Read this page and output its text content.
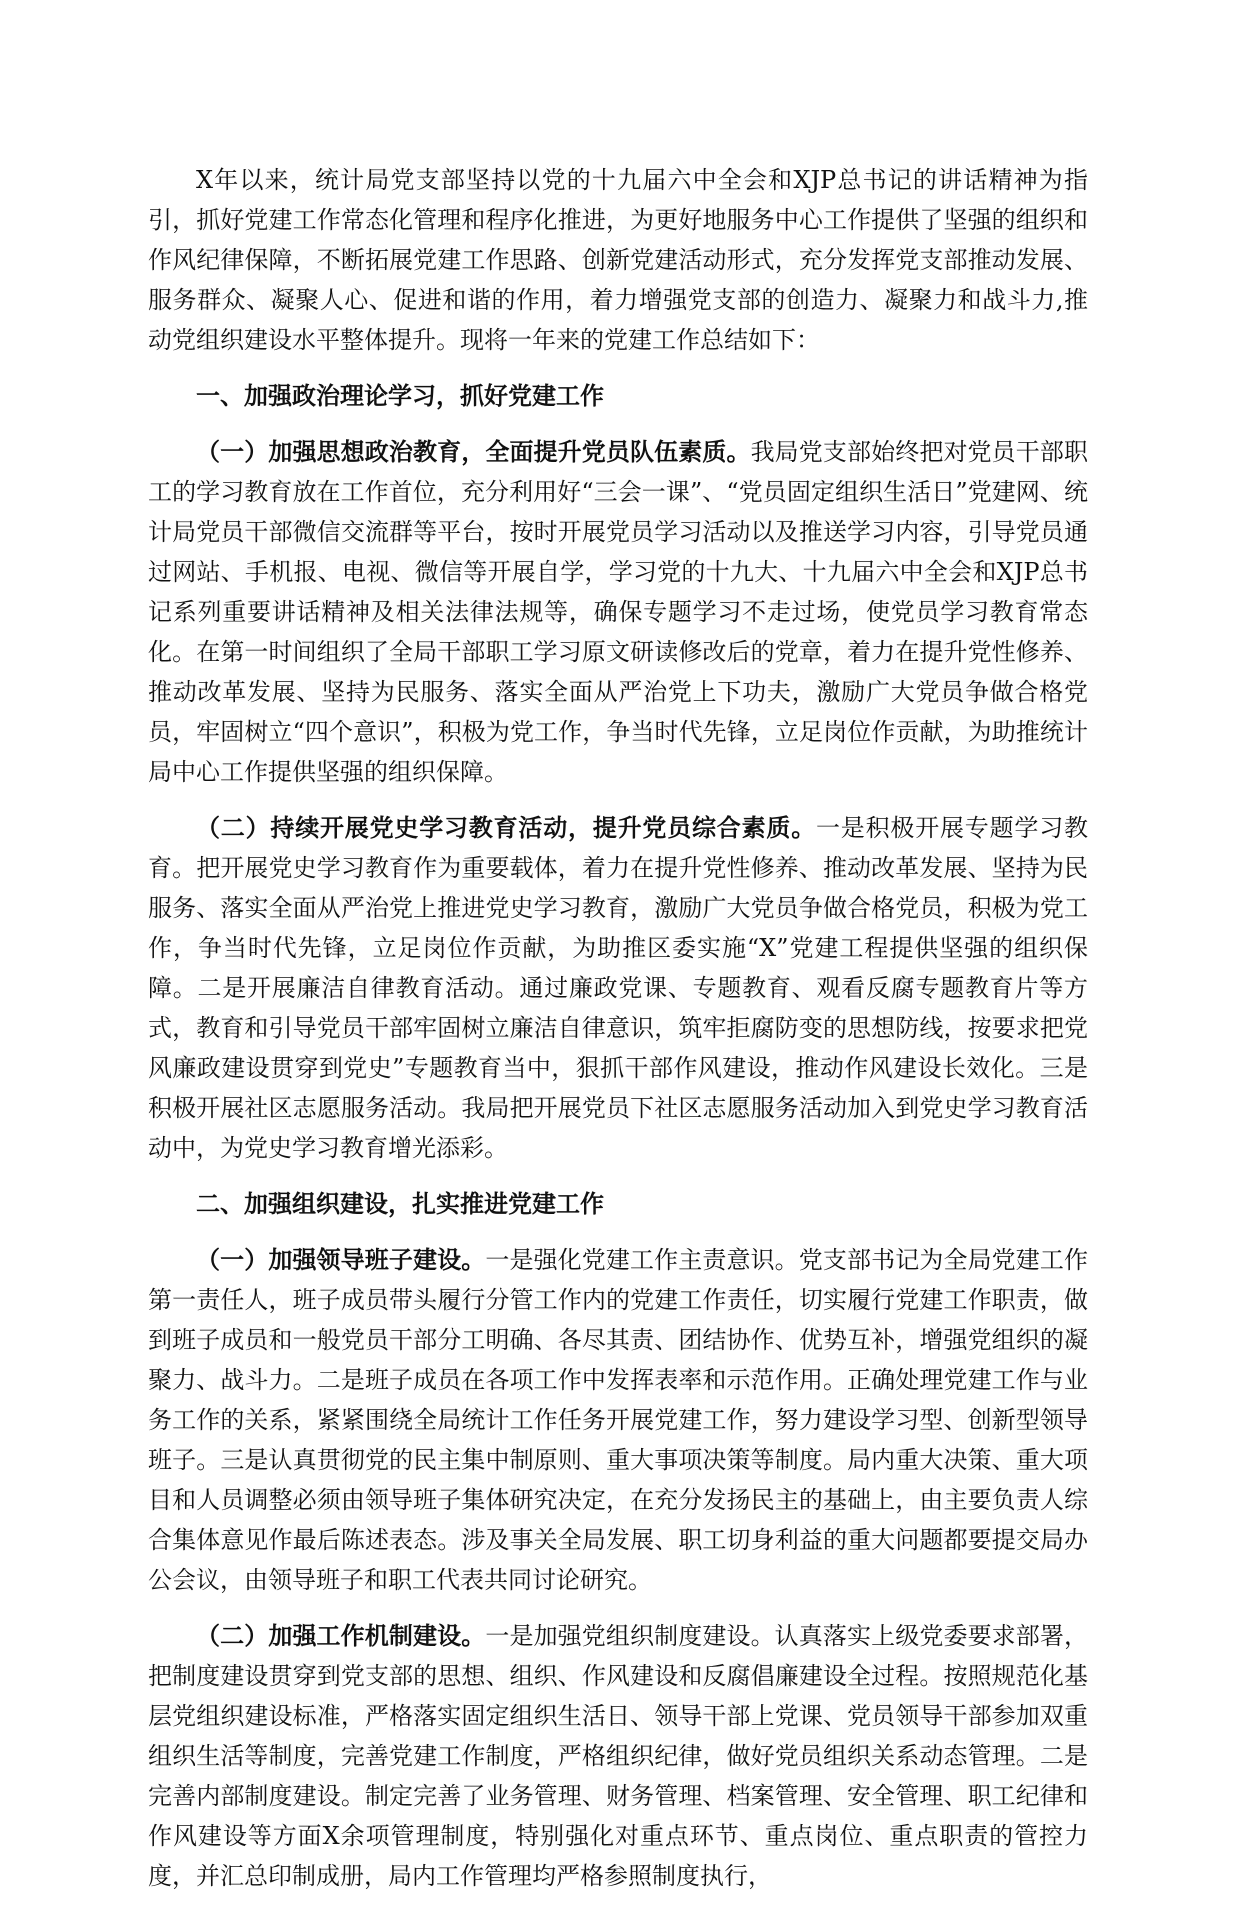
X年以来，统计局党支部坚持以党的十九届六中全会和XJP总书记的讲话精神为指引，抓好党建工作常态化管理和程序化推进，为更好地服务中心工作提供了坚强的组织和作风纪律保障，不断拓展党建工作思路、创新党建活动形式，充分发挥党支部推动发展、服务群众、凝聚人心、促进和谐的作用，着力增强党支部的创造力、凝聚力和战斗力,推动党组织建设水平整体提升。现将一年来的党建工作总结如下：

一、加强政治理论学习，抓好党建工作

（一）加强思想政治教育，全面提升党员队伍素质。我局党支部始终把对党员干部职工的学习教育放在工作首位，充分利用好“三会一课”、“党员固定组织生活日”党建网、统计局党员干部微信交流群等平台，按时开展党员学习活动以及推送学习内容，引导党员通过网站、手机报、电视、微信等开展自学，学习党的十九大、十九届六中全会和XJP总书记系列重要讲话精神及相关法律法规等，确保专题学习不走过场，使党员学习教育常态化。在第一时间组织了全局干部职工学习原文研读修改后的党章，着力在提升党性修养、推动改革发展、坚持为民服务、落实全面从严治党上下功夫，激励广大党员争做合格党员，牢固树立“四个意识”，积极为党工作，争当时代先锋，立足岗位作贡献，为助推统计局中心工作提供坚强的组织保障。

（二）持续开展党史学习教育活动，提升党员综合素质。一是积极开展专题学习教育。把开展党史学习教育作为重要载体，着力在提升党性修养、推动改革发展、坚持为民服务、落实全面从严治党上推进党史学习教育，激励广大党员争做合格党员，积极为党工作，争当时代先锋，立足岗位作贡献，为助推区委实施“X”党建工程提供坚强的组织保障。二是开展廉洁自律教育活动。通过廉政党课、专题教育、观看反腐专题教育片等方式，教育和引导党员干部牢固树立廉洁自律意识，筑牢拒腐防变的思想防线，按要求把党风廉政建设贯穿到党史”专题教育当中，狠抓干部作风建设，推动作风建设长效化。三是积极开展社区志愿服务活动。我局把开展党员下社区志愿服务活动加入到党史学习教育活动中，为党史学习教育增光添彩。

二、加强组织建设，扎实推进党建工作

（一）加强领导班子建设。一是强化党建工作主责意识。党支部书记为全局党建工作第一责任人，班子成员带头履行分管工作内的党建工作责任，切实履行党建工作职责，做到班子成员和一般党员干部分工明确、各尽其责、团结协作、优势互补，增强党组织的凝聚力、战斗力。二是班子成员在各项工作中发挥表率和示范作用。正确处理党建工作与业务工作的关系，紧紧围绕全局统计工作任务开展党建工作，努力建设学习型、创新型领导班子。三是认真贯彻党的民主集中制原则、重大事项决策等制度。局内重大决策、重大项目和人员调整必须由领导班子集体研究决定，在充分发扬民主的基础上，由主要负责人综合集体意见作最后陈述表态。涉及事关全局发展、职工切身利益的重大问题都要提交局办公会议，由领导班子和职工代表共同讨论研究。

（二）加强工作机制建设。一是加强党组织制度建设。认真落实上级党委要求部署，把制度建设贯穿到党支部的思想、组织、作风建设和反腐倡廉建设全过程。按照规范化基层党组织建设标准，严格落实固定组织生活日、领导干部上党课、党员领导干部参加双重组织生活等制度，完善党建工作制度，严格组织纪律，做好党员组织关系动态管理。二是完善内部制度建设。制定完善了业务管理、财务管理、档案管理、安全管理、职工纪律和作风建设等方面X余项管理制度，特别强化对重点环节、重点岗位、重点职责的管控力度，并汇总印制成册，局内工作管理均严格参照制度执行，
